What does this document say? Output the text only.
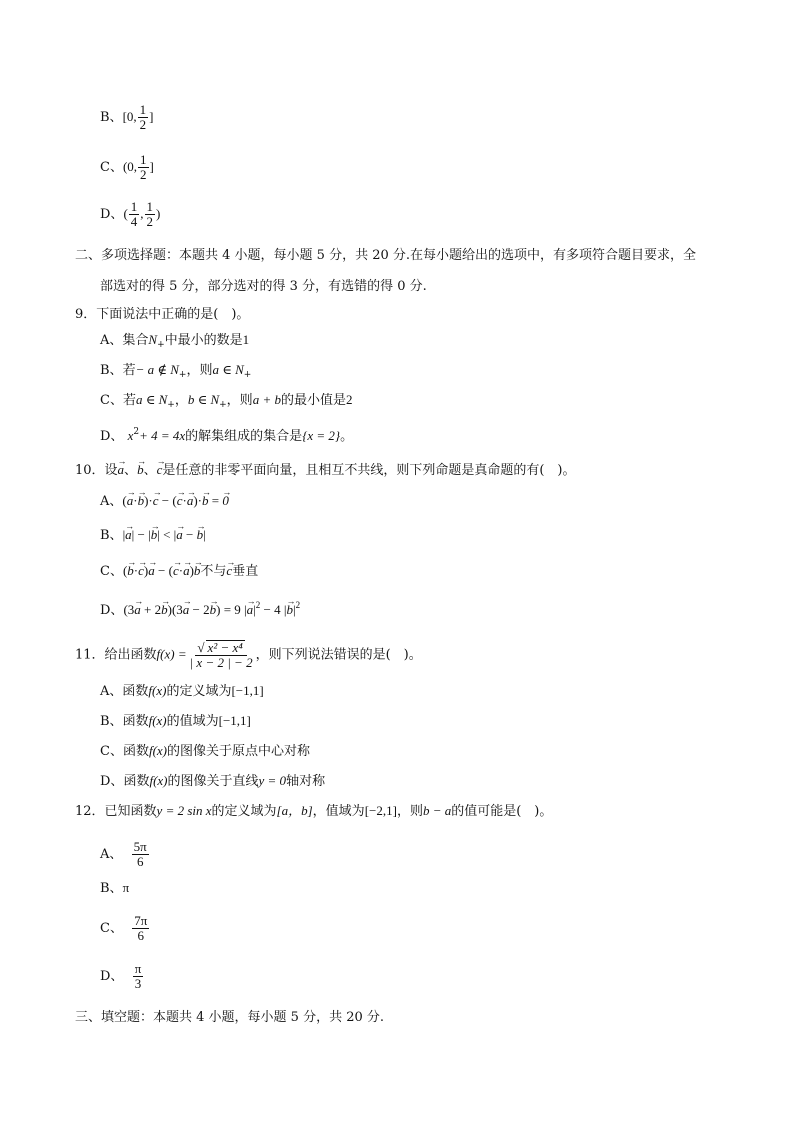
B、[0, $\frac{1}{2}$ ]
C、(0, $\frac{1}{2}$ ]
D、( $\frac{1}{4}$ , $\frac{1}{2}$ )
二、多项选择题：本题共 4 小题，每小题 5 分，共 20 分.在每小题给出的选项中，有多项符合题目要求，全
部选对的得 5 分，部分选对的得 3 分，有选错的得 0 分.
9．下面说法中正确的是(　)。
A、集合$N_+$中最小的数是1
B、若− a ∉ $N_+$，则a ∈ $N_+$
C、若a ∈ $N_+$，b ∈ $N_+$，则a + b的最小值是2
D、 $x^2+ 4 = 4x$的解集组成的集合是{x = 2}。
10．设a →、b →、c →是任意的非零平面向量，且相互不共线，则下列命题是真命题的有(　)。
A、(a →·b →)·c → − (c →·a →)·b → = 0 →
B、|a →| − |b →| < |a → − b →|
C、(b →·c →)a → − (c →·a →)b →不与c →垂直
D、(3a → + 2b →)(3a → − 2b →) = 9 $|a \to|^2 - 4$ $|b \to|^2$
11．给出函数$f(x) = \frac{\text{√ x² − x⁴}}{| x - 2 | - 2}$ ，则下列说法错误的是(　)。
A、函数f(x)的定义域为[−1,1]
B、函数f(x)的值域为[−1,1]
C、函数f(x)的图像关于原点中心对称
D、函数f(x)的图像关于直线y = 0轴对称
12．已知函数y = 2 sin x的定义域为[a，b]，值域为[−2,1]，则b − a的值可能是(　)。
A、 $\frac{5\pi}{6}$
B、π
C、 $\frac{7\pi}{6}$
D、 $\frac{\pi}{3}$
三、填空题：本题共 4 小题，每小题 5 分，共 20 分.
